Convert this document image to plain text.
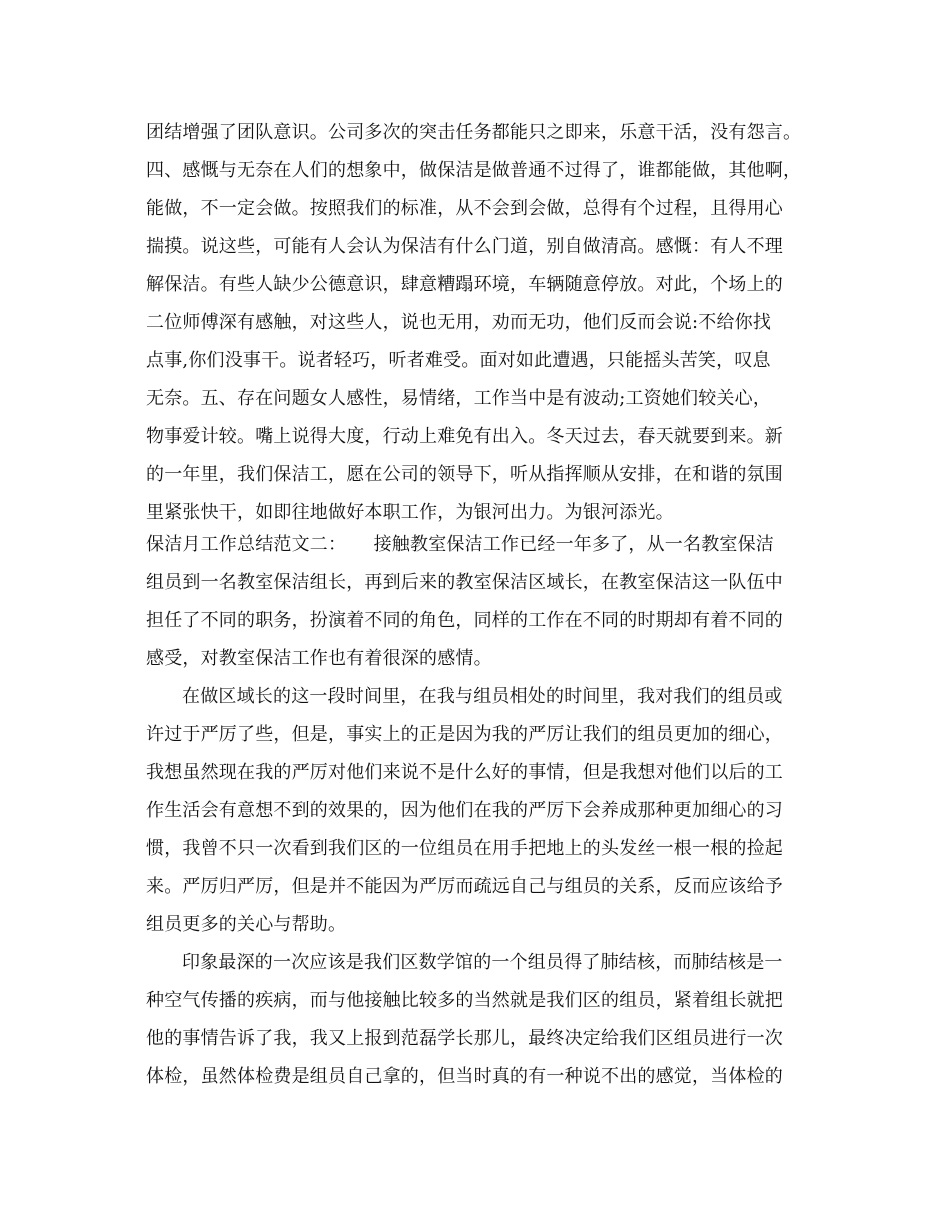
团结增强了团队意识。公司多次的突击任务都能只之即来，乐意干活，没有怨言。
四、感慨与无奈在人们的想象中，做保洁是做普通不过得了，谁都能做，其他啊，
能做，不一定会做。按照我们的标准，从不会到会做，总得有个过程，且得用心
揣摸。说这些，可能有人会认为保洁有什么门道，别自做清高。感慨：有人不理
解保洁。有些人缺少公德意识，肆意糟蹋环境，车辆随意停放。对此，个场上的
二位师傅深有感触，对这些人，说也无用，劝而无功，他们反而会说:不给你找
点事,你们没事干。说者轻巧，听者难受。面对如此遭遇，只能摇头苦笑，叹息
无奈。五、存在问题女人感性，易情绪，工作当中是有波动;工资她们较关心，
物事爱计较。嘴上说得大度，行动上难免有出入。冬天过去，春天就要到来。新
的一年里，我们保洁工，愿在公司的领导下，听从指挥顺从安排，在和谐的氛围
里紧张快干，如即往地做好本职工作，为银河出力。为银河添光。
保洁月工作总结范文二：　　接触教室保洁工作已经一年多了，从一名教室保洁
组员到一名教室保洁组长，再到后来的教室保洁区域长，在教室保洁这一队伍中
担任了不同的职务，扮演着不同的角色，同样的工作在不同的时期却有着不同的
感受，对教室保洁工作也有着很深的感情。
在做区域长的这一段时间里，在我与组员相处的时间里，我对我们的组员或
许过于严厉了些，但是，事实上的正是因为我的严厉让我们的组员更加的细心，
我想虽然现在我的严厉对他们来说不是什么好的事情，但是我想对他们以后的工
作生活会有意想不到的效果的，因为他们在我的严厉下会养成那种更加细心的习
惯，我曾不只一次看到我们区的一位组员在用手把地上的头发丝一根一根的捡起
来。严厉归严厉，但是并不能因为严厉而疏远自己与组员的关系，反而应该给予
组员更多的关心与帮助。
印象最深的一次应该是我们区数学馆的一个组员得了肺结核，而肺结核是一
种空气传播的疾病，而与他接触比较多的当然就是我们区的组员，紧着组长就把
他的事情告诉了我，我又上报到范磊学长那儿，最终决定给我们区组员进行一次
体检，虽然体检费是组员自己拿的，但当时真的有一种说不出的感觉，当体检的
